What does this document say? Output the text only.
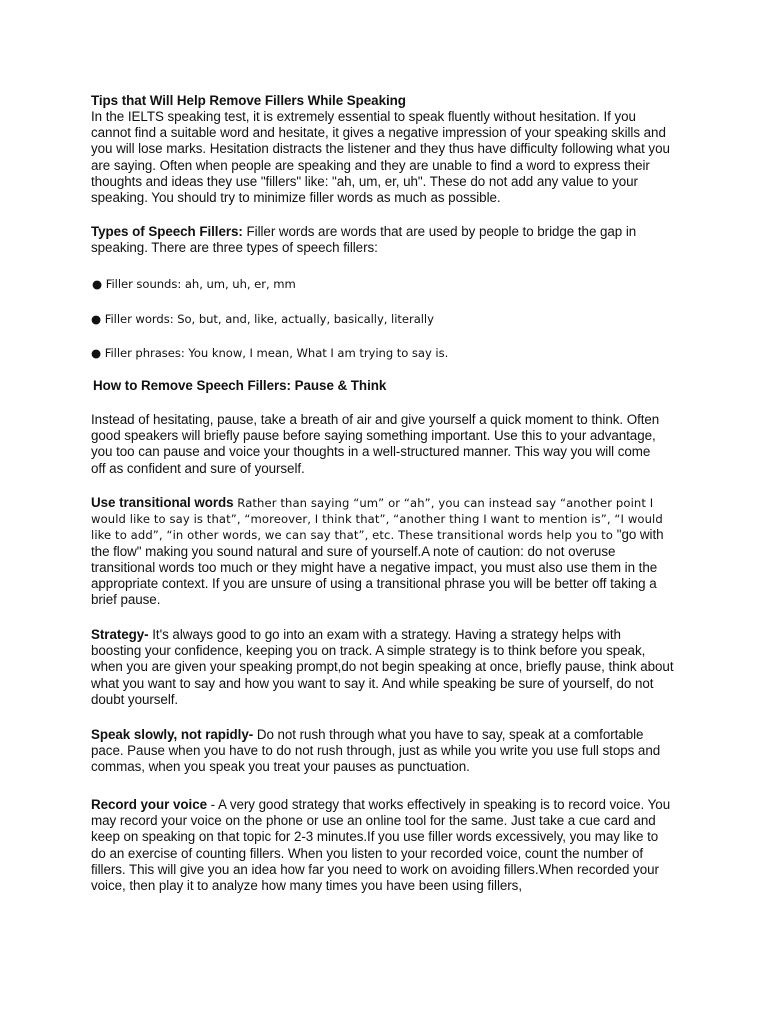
Tips that Will Help Remove Fillers While Speaking

In the IELTS speaking test, it is extremely essential to speak fluently without hesitation. If you cannot find a suitable word and hesitate, it gives a negative impression of your speaking skills and you will lose marks. Hesitation distracts the listener and they thus have difficulty following what you are saying. Often when people are speaking and they are unable to find a word to express their thoughts and ideas they use "fillers" like: "ah, um, er, uh". These do not add any value to your speaking. You should try to minimize filler words as much as possible.

Types of Speech Fillers: Filler words are words that are used by people to bridge the gap in speaking. There are three types of speech fillers:

● Filler sounds: ah, um, uh, er, mm

● Filler words: So, but, and, like, actually, basically, literally

● Filler phrases: You know, I mean, What I am trying to say is.

How to Remove Speech Fillers: Pause & Think

Instead of hesitating, pause, take a breath of air and give yourself a quick moment to think. Often good speakers will briefly pause before saying something important. Use this to your advantage, you too can pause and voice your thoughts in a well-structured manner. This way you will come off as confident and sure of yourself.

Use transitional words Rather than saying “um” or “ah”, you can instead say “another point I would like to say is that”, “moreover, I think that”, “another thing I want to mention is”, “I would like to add”, “in other words, we can say that”, etc. These transitional words help you to "go with the flow" making you sound natural and sure of yourself.A note of caution: do not overuse transitional words too much or they might have a negative impact, you must also use them in the appropriate context. If you are unsure of using a transitional phrase you will be better off taking a brief pause.

Strategy- It's always good to go into an exam with a strategy. Having a strategy helps with boosting your confidence, keeping you on track. A simple strategy is to think before you speak, when you are given your speaking prompt,do not begin speaking at once, briefly pause, think about what you want to say and how you want to say it. And while speaking be sure of yourself, do not doubt yourself.

Speak slowly, not rapidly- Do not rush through what you have to say, speak at a comfortable pace. Pause when you have to do not rush through, just as while you write you use full stops and commas, when you speak you treat your pauses as punctuation.

Record your voice - A very good strategy that works effectively in speaking is to record voice. You may record your voice on the phone or use an online tool for the same. Just take a cue card and keep on speaking on that topic for 2-3 minutes.If you use filler words excessively, you may like to do an exercise of counting fillers. When you listen to your recorded voice, count the number of fillers. This will give you an idea how far you need to work on avoiding fillers.When recorded your voice, then play it to analyze how many times you have been using fillers,
